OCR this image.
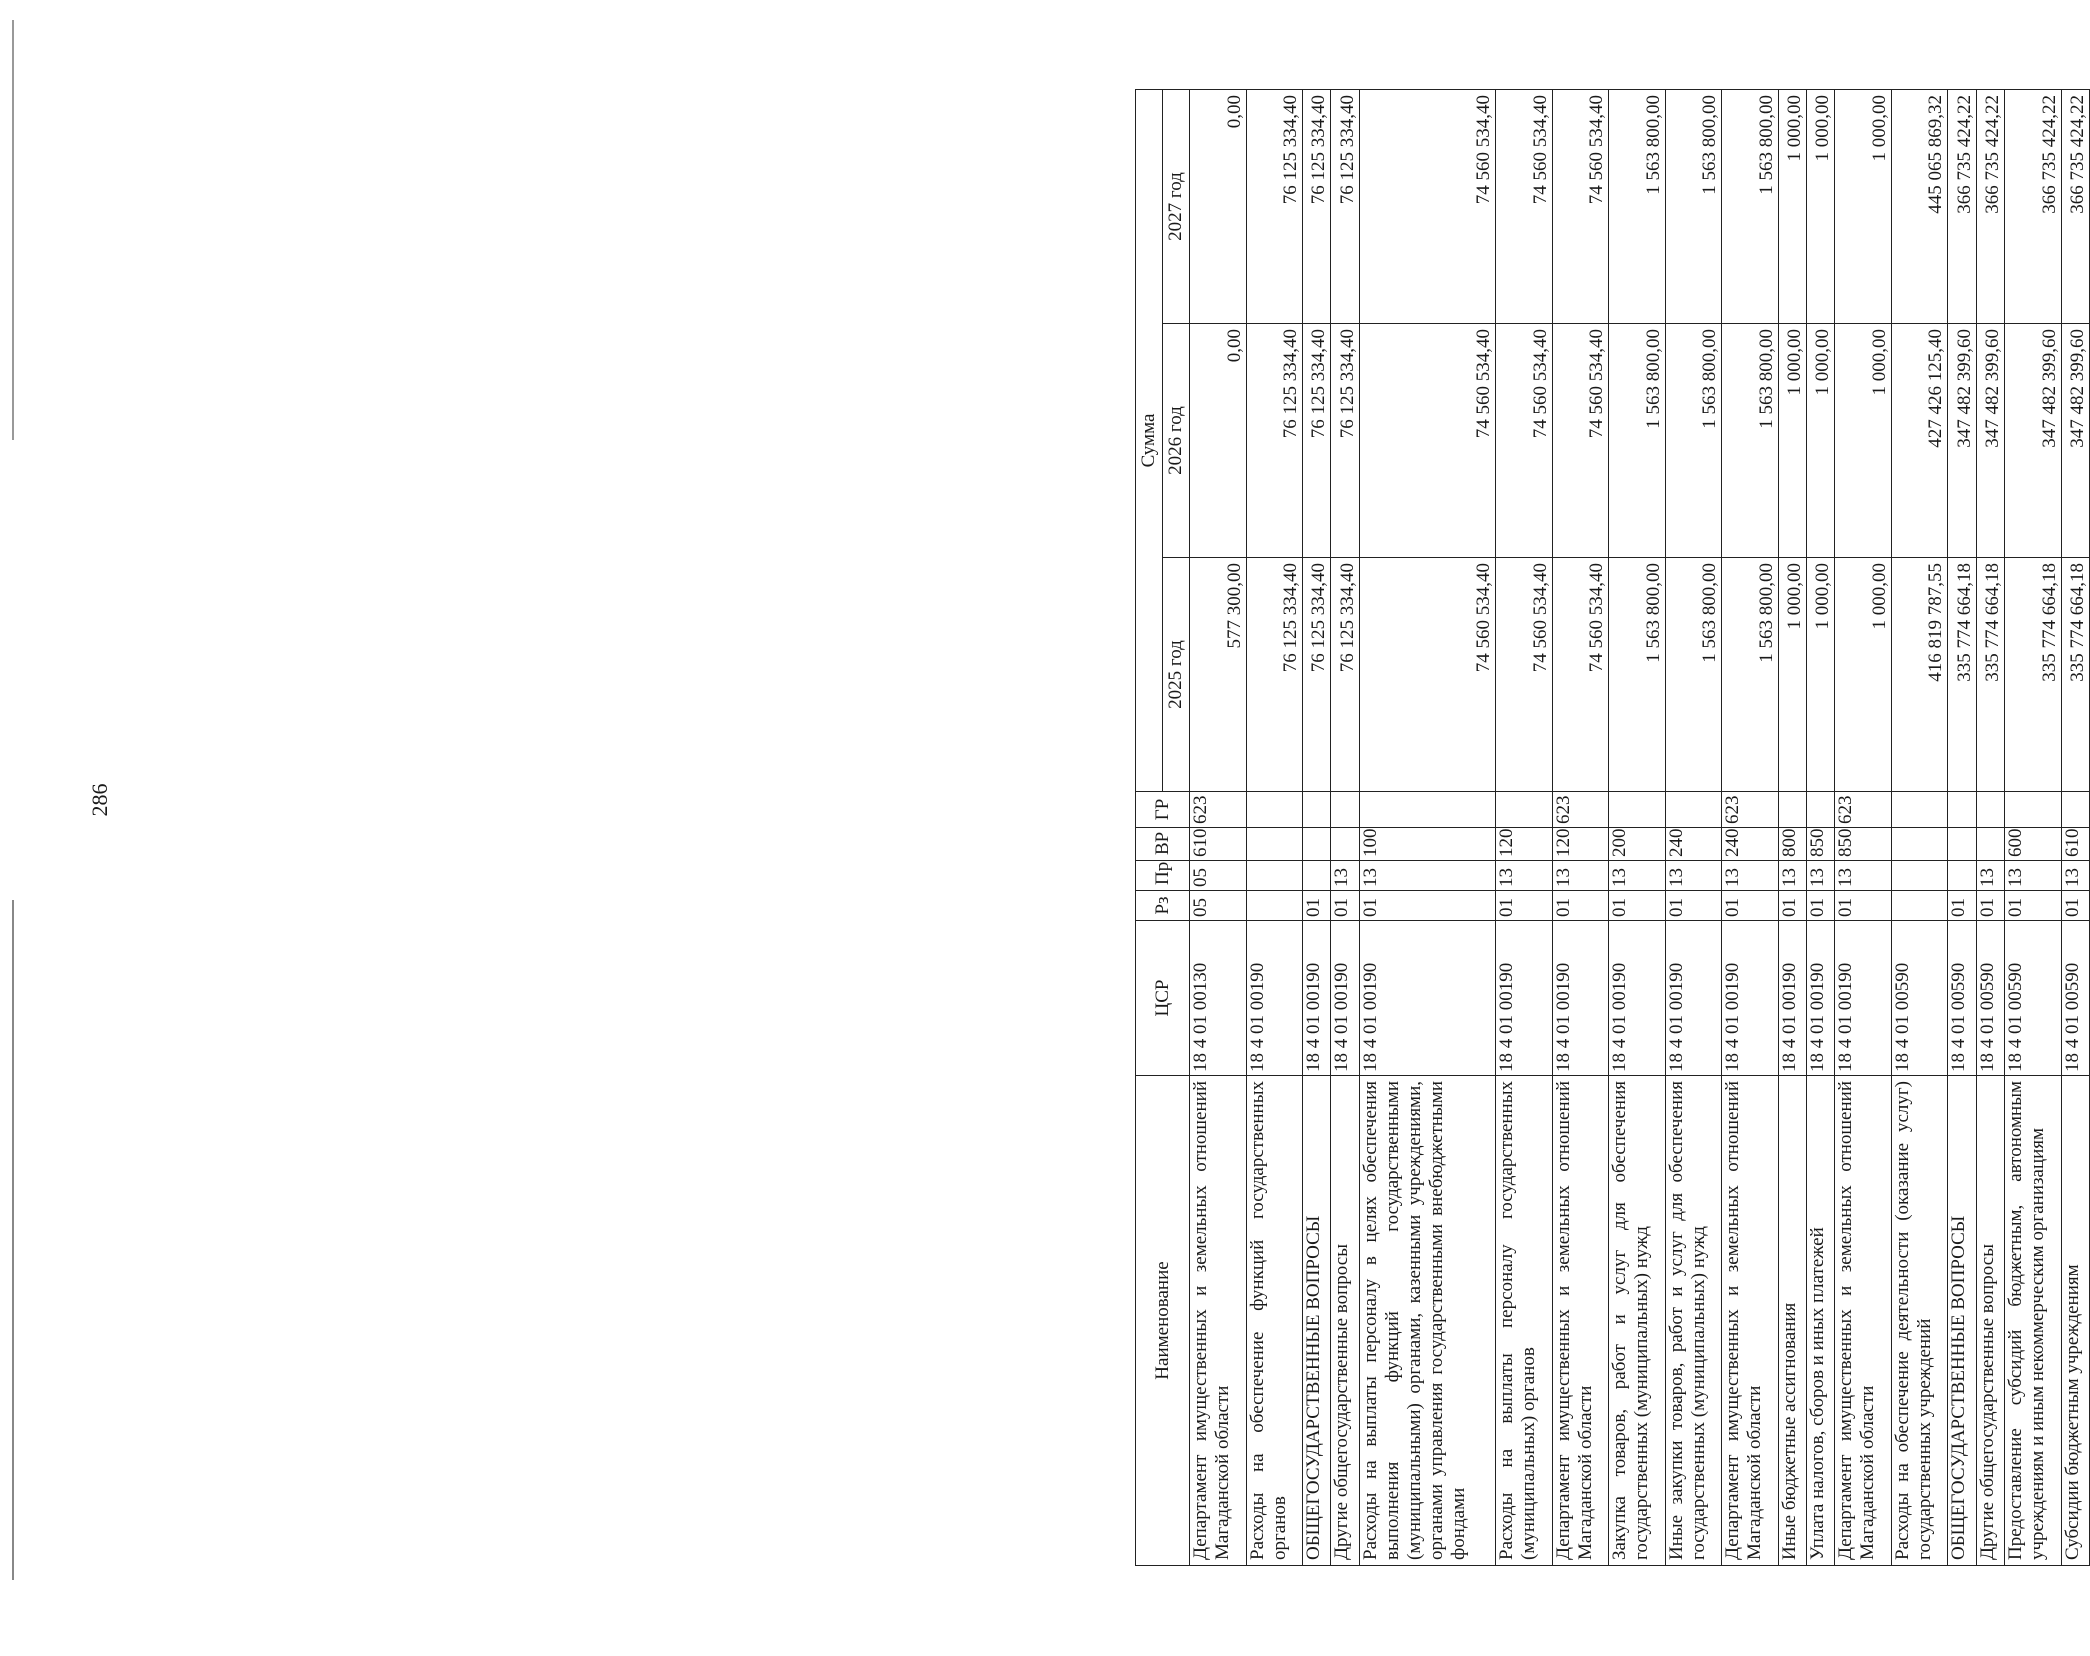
286
Наименование	ЦСР	Рз	Пр	ВР	ГР	Сумма		
						2025 год	2026 год	2027 год
Департамент имущественных и земельных отношений Магаданской области	18 4 01 00130	05	05	610	623	577 300,00	0,00	0,00
Расходы на обеспечение функций государственных органов	18 4 01 00190					76 125 334,40	76 125 334,40	76 125 334,40
ОБЩЕГОСУДАРСТВЕННЫЕ ВОПРОСЫ	18 4 01 00190	01				76 125 334,40	76 125 334,40	76 125 334,40
Другие общегосударственные вопросы	18 4 01 00190	01	13			76 125 334,40	76 125 334,40	76 125 334,40
Расходы на выплаты персоналу в целях обеспечения выполнения функций государственными (муниципальными) органами, казенными учреждениями, органами управления государственными внебюджетными фондами	18 4 01 00190	01	13	100		74 560 534,40	74 560 534,40	74 560 534,40
Расходы на выплаты персоналу государственных (муниципальных) органов	18 4 01 00190	01	13	120		74 560 534,40	74 560 534,40	74 560 534,40
Департамент имущественных и земельных отношений Магаданской области	18 4 01 00190	01	13	120	623	74 560 534,40	74 560 534,40	74 560 534,40
Закупка товаров, работ и услуг для обеспечения государственных (муниципальных) нужд	18 4 01 00190	01	13	200		1 563 800,00	1 563 800,00	1 563 800,00
Иные закупки товаров, работ и услуг для обеспечения государственных (муниципальных) нужд	18 4 01 00190	01	13	240		1 563 800,00	1 563 800,00	1 563 800,00
Департамент имущественных и земельных отношений Магаданской области	18 4 01 00190	01	13	240	623	1 563 800,00	1 563 800,00	1 563 800,00
Иные бюджетные ассигнования	18 4 01 00190	01	13	800		1 000,00	1 000,00	1 000,00
Уплата налогов, сборов и иных платежей	18 4 01 00190	01	13	850		1 000,00	1 000,00	1 000,00
Департамент имущественных и земельных отношений Магаданской области	18 4 01 00190	01	13	850	623	1 000,00	1 000,00	1 000,00
Расходы на обеспечение деятельности (оказание услуг) государственных учреждений	18 4 01 00590					416 819 787,55	427 426 125,40	445 065 869,32
ОБЩЕГОСУДАРСТВЕННЫЕ ВОПРОСЫ	18 4 01 00590	01				335 774 664,18	347 482 399,60	366 735 424,22
Другие общегосударственные вопросы	18 4 01 00590	01	13			335 774 664,18	347 482 399,60	366 735 424,22
Предоставление субсидий бюджетным, автономным учреждениям и иным некоммерческим организациям	18 4 01 00590	01	13	600		335 774 664,18	347 482 399,60	366 735 424,22
Субсидии бюджетным учреждениям	18 4 01 00590	01	13	610		335 774 664,18	347 482 399,60	366 735 424,22
